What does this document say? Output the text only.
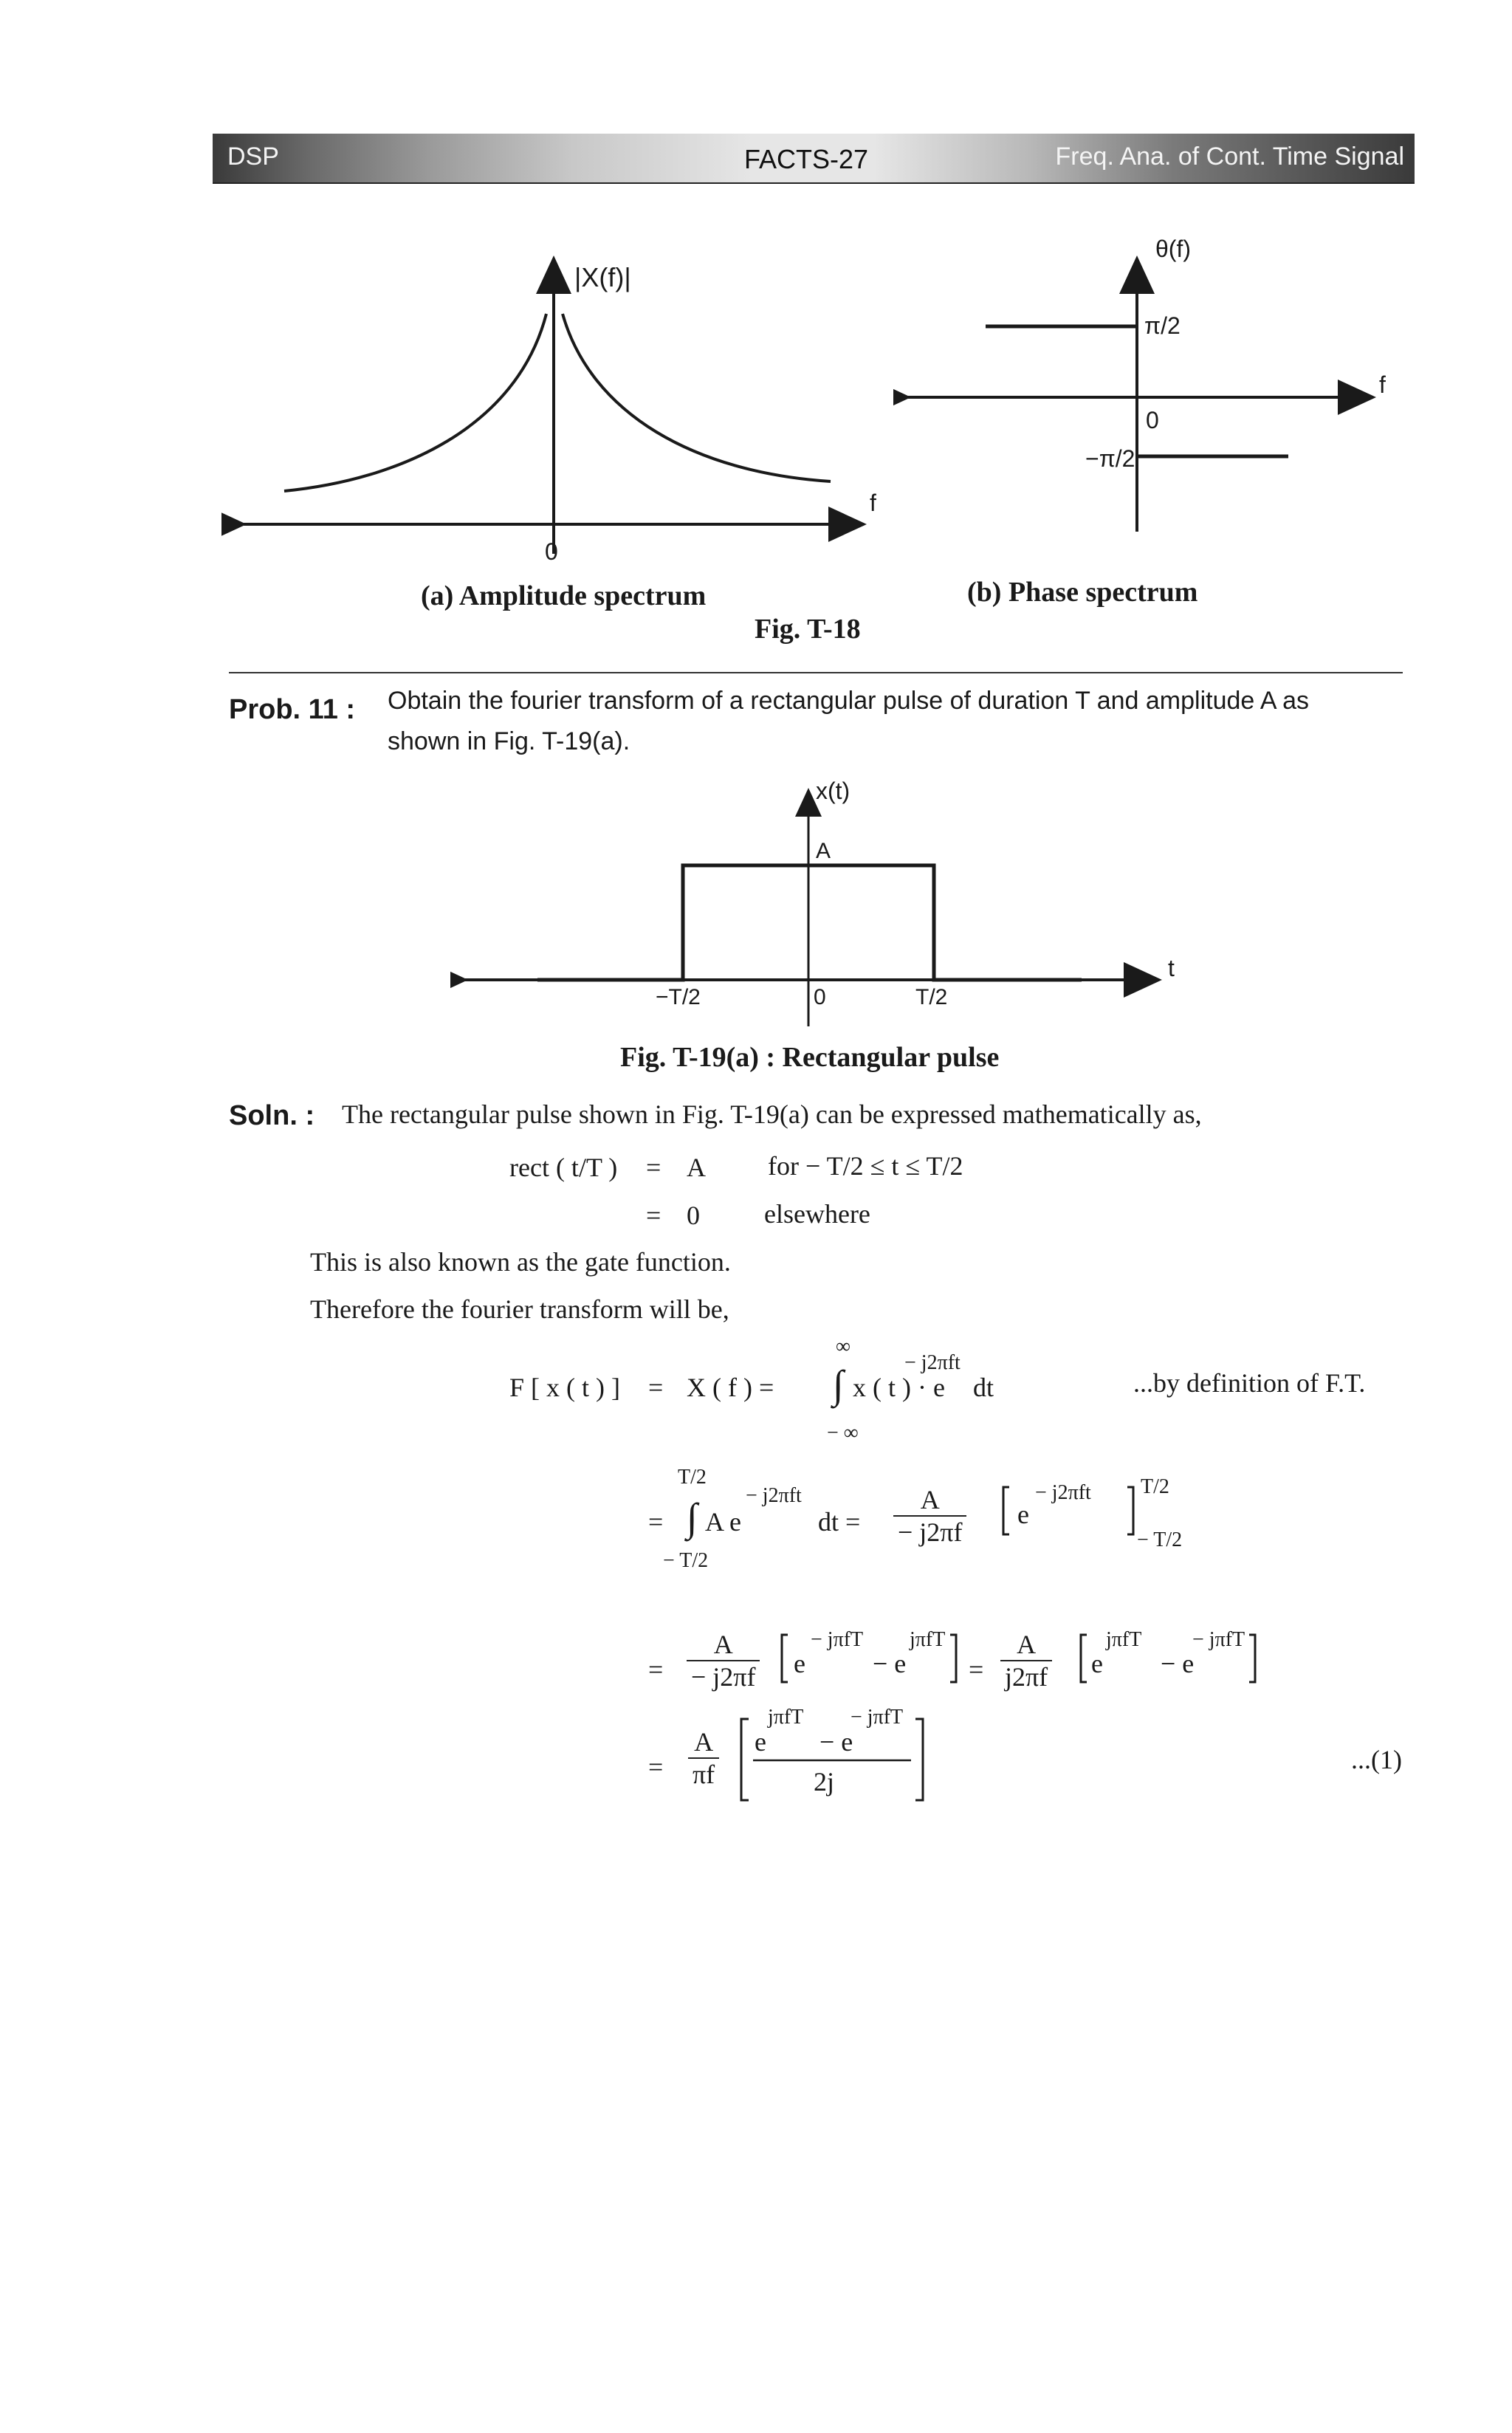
DSP	FACTS-27	Freq. Ana. of Cont. Time Signal
|X(f)|
f
0
θ(f)
f
π/2
−π/2
0
(a) Amplitude spectrum	(b) Phase spectrum
Fig. T-18
Prob. 11 : Obtain the fourier transform of a rectangular pulse of duration T and amplitude A as
shown in Fig. T-19(a).
x(t)
A
t
−T/2	0	T/2
Fig. T-19(a) : Rectangular pulse
Soln. : The rectangular pulse shown in Fig. T-19(a) can be expressed mathematically as,
rect ( t/T ) = A for − T/2 ≤ t ≤ T/2
= 0 elsewhere
This is also known as the gate function.
Therefore the fourier transform will be,
∞
F [ x ( t ) ] = X ( f ) = ∫ x ( t ) · e
− j2πft
dt	...by definition of F.T.
− ∞
T/2
= ∫ A e
− j2πft
dt = $\frac{A}{- j2\pi f}$ e
− j2πft T/2
− T/2
− T/2
= $\frac{A}{- j2\pi f}$ e
− jπfT
− e
jπfT
= $\frac{A}{j2\pi f}$ e
jπfT
− e
− jπfT
= $\frac{A}{\pi f}$ e
jπfT
− e
− jπfT
2j
...(1)
